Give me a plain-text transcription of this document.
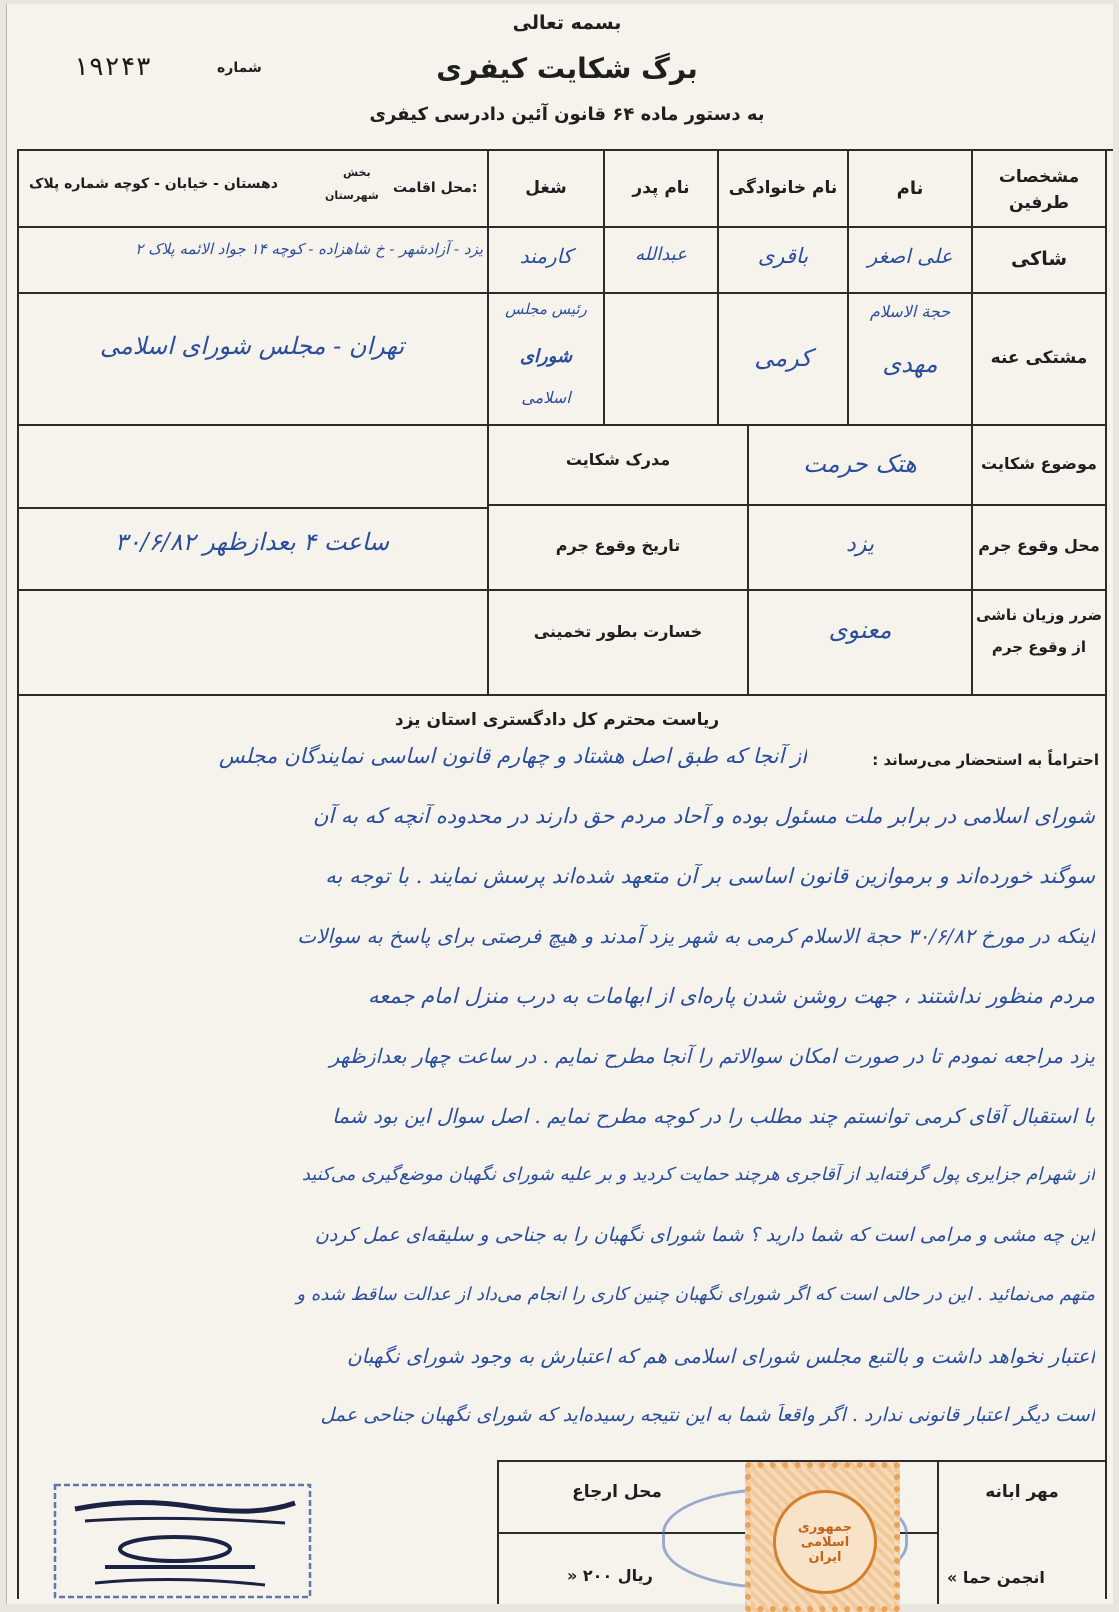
بسمه تعالی
۱۹۲۴۳	شماره	برگ شکایت کیفری
به دستور ماده ۶۴ قانون آئین دادرسی کیفری
مشخصات طرفین
نام
نام خانوادگی
نام پدر
شغل
محل اقامت:
بخش
شهرستان
دهستان - خیابان - کوچه شماره پلاک
شاکی
علی اصغر
باقری
عبدالله
کارمند
یزد - آزادشهر - خ شاهزاده - کوچه ۱۴ جواد الائمه پلاک ۲
مشتکی عنه
حجة الاسلام
مهدی
کرمی
رئیس مجلس
شورای
اسلامی
تهران - مجلس شورای اسلامی
موضوع شکایت
هتک حرمت
مدرک شکایت
محل وقوع جرم
یزد
تاریخ وقوع جرم
۳۰/۶/۸۲ ساعت ۴ بعدازظهر
ضرر وزیان ناشی
از وقوع جرم
معنوی
خسارت بطور تخمینی
ریاست محترم کل دادگستری استان یزد
احتراماً به استحضار می‌رساند :
از آنجا که طبق اصل هشتاد و چهارم قانون اساسی نمایندگان مجلس
شورای اسلامی در برابر ملت مسئول بوده و آحاد مردم حق دارند در محدوده آنچه که به آن
سوگند خورده‌اند و برموازین قانون اساسی بر آن متعهد شده‌اند پرسش نمایند . با توجه به
اینکه در مورخ ۳۰/۶/۸۲ حجة الاسلام کرمی به شهر یزد آمدند و هیچ فرصتی برای پاسخ به سوالات
مردم منظور نداشتند ، جهت روشن شدن پاره‌ای از ابهامات به درب منزل امام جمعه
یزد مراجعه نمودم تا در صورت امکان سوالاتم را آنجا مطرح نمایم . در ساعت چهار بعدازظهر
با استقبال آقای کرمی توانستم چند مطلب را در کوچه مطرح نمایم . اصل سوال این بود شما
از شهرام جزایری پول گرفته‌اید از آقاجری هرچند حمایت کردید و بر علیه شورای نگهبان موضع‌گیری می‌کنید
این چه مشی و مرامی است که شما دارید ؟ شما شورای نگهبان را به جناحی و سلیقه‌ای عمل کردن
متهم می‌نمائید . این در حالی است که اگر شورای نگهبان چنین کاری را انجام می‌داد از عدالت ساقط شده و
اعتبار نخواهد داشت و بالتبع مجلس شورای اسلامی هم که اعتبارش به وجود شورای نگهبان
است دیگر اعتبار قانونی ندارد . اگر واقعاً شما به این نتیجه رسیده‌اید که شورای نگهبان جناحی عمل
مهر ابانه
محل ارجاع
« انجمن حما
» ۲۰۰ ریال
جمهوری
اسلامی
ایران
